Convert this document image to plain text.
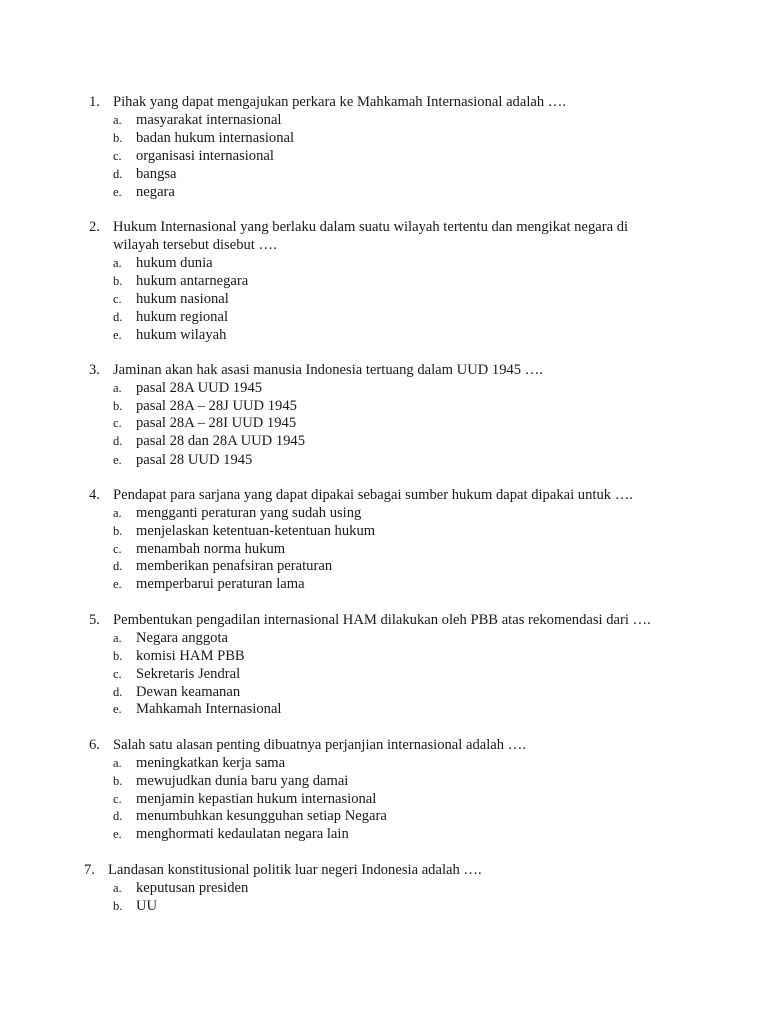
1. Pihak yang dapat mengajukan perkara ke Mahkamah Internasional adalah ….
a. masyarakat internasional
b. badan hukum internasional
c. organisasi internasional
d. bangsa
e. negara
2. Hukum Internasional yang berlaku dalam suatu wilayah tertentu dan mengikat negara di
wilayah tersebut disebut ….
a. hukum dunia
b. hukum antarnegara
c. hukum nasional
d. hukum regional
e. hukum wilayah
3. Jaminan akan hak asasi manusia Indonesia tertuang dalam UUD 1945 ….
a. pasal 28A UUD 1945
b. pasal 28A – 28J UUD 1945
c. pasal 28A – 28I UUD 1945
d. pasal 28 dan 28A UUD 1945
e. pasal 28 UUD 1945
4. Pendapat para sarjana yang dapat dipakai sebagai sumber hukum dapat dipakai untuk ….
a. mengganti peraturan yang sudah using
b. menjelaskan ketentuan-ketentuan hukum
c. menambah norma hukum
d. memberikan penafsiran peraturan
e. memperbarui peraturan lama
5. Pembentukan pengadilan internasional HAM dilakukan oleh PBB atas rekomendasi dari ….
a. Negara anggota
b. komisi HAM PBB
c. Sekretaris Jendral
d. Dewan keamanan
e. Mahkamah Internasional
6. Salah satu alasan penting dibuatnya perjanjian internasional adalah ….
a. meningkatkan kerja sama
b. mewujudkan dunia baru yang damai
c. menjamin kepastian hukum internasional
d. menumbuhkan kesungguhan setiap Negara
e. menghormati kedaulatan negara lain
7. Landasan konstitusional politik luar negeri Indonesia adalah ….
a. keputusan presiden
b. UU
